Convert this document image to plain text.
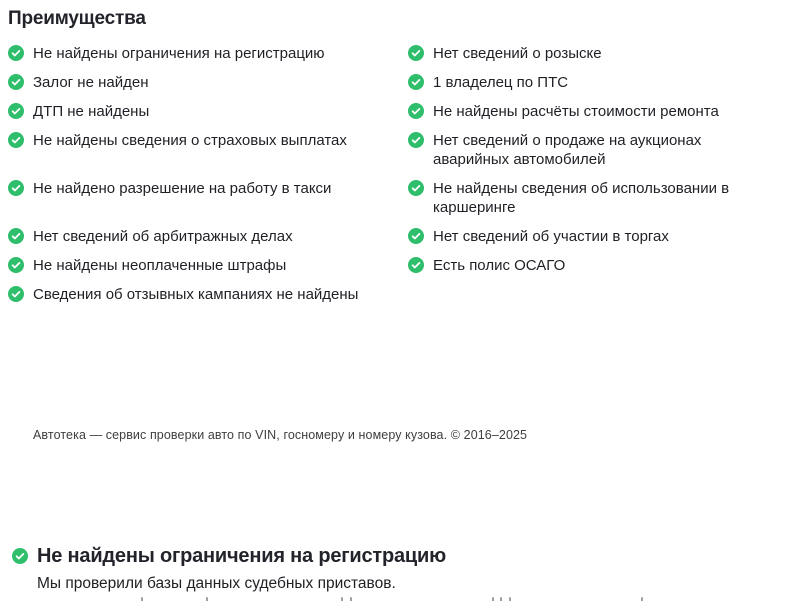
Преимущества
Не найдены ограничения на регистрацию	Нет сведений о розыске
Залог не найден	1 владелец по ПТС
ДТП не найдены	Не найдены расчёты стоимости ремонта
Не найдены сведения о страховых выплатах	Нет сведений о продаже на аукционах аварийных автомобилей
Не найдено разрешение на работу в такси	Не найдены сведения об использовании в каршеринге
Нет сведений об арбитражных делах	Нет сведений об участии в торгах
Не найдены неоплаченные штрафы	Есть полис ОСАГО
Сведения об отзывных кампаниях не найдены
Автотека — сервис проверки авто по VIN, госномеру и номеру кузова. © 2016–2025
Не найдены ограничения на регистрацию
Мы проверили базы данных судебных приставов.
